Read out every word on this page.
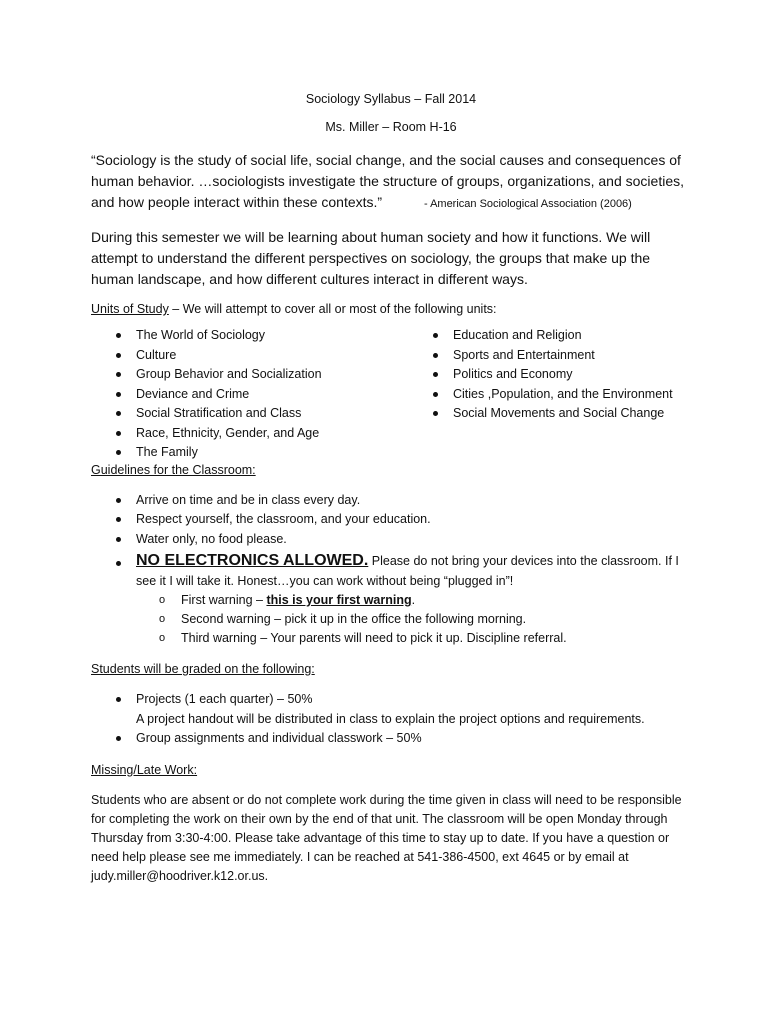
Sociology Syllabus – Fall 2014
Ms. Miller – Room H-16
“Sociology is the study of social life, social change, and the social causes and consequences of human behavior. …sociologists investigate the structure of groups, organizations, and societies, and how people interact within these contexts.”	- American Sociological Association (2006)
During this semester we will be learning about human society and how it functions. We will attempt to understand the different perspectives on sociology, the groups that make up the human landscape, and how different cultures interact in different ways.
Units of Study – We will attempt to cover all or most of the following units:
The World of Sociology
Culture
Group Behavior and Socialization
Deviance and Crime
Social Stratification and Class
Race, Ethnicity, Gender, and Age
The Family
Education and Religion
Sports and Entertainment
Politics and Economy
Cities ,Population, and the Environment
Social Movements and Social Change
Guidelines for the Classroom:
Arrive on time and be in class every day.
Respect yourself, the classroom, and your education.
Water only, no food please.
NO ELECTRONICS ALLOWED. Please do not bring your devices into the classroom. If I see it I will take it. Honest…you can work without being “plugged in”!
o First warning – this is your first warning.
o Second warning – pick it up in the office the following morning.
o Third warning – Your parents will need to pick it up. Discipline referral.
Students will be graded on the following:
Projects (1 each quarter) – 50%
A project handout will be distributed in class to explain the project options and requirements.
Group assignments and individual classwork – 50%
Missing/Late Work:
Students who are absent or do not complete work during the time given in class will need to be responsible for completing the work on their own by the end of that unit. The classroom will be open Monday through Thursday from 3:30-4:00. Please take advantage of this time to stay up to date. If you have a question or need help please see me immediately. I can be reached at 541-386-4500, ext 4645 or by email at judy.miller@hoodriver.k12.or.us.
